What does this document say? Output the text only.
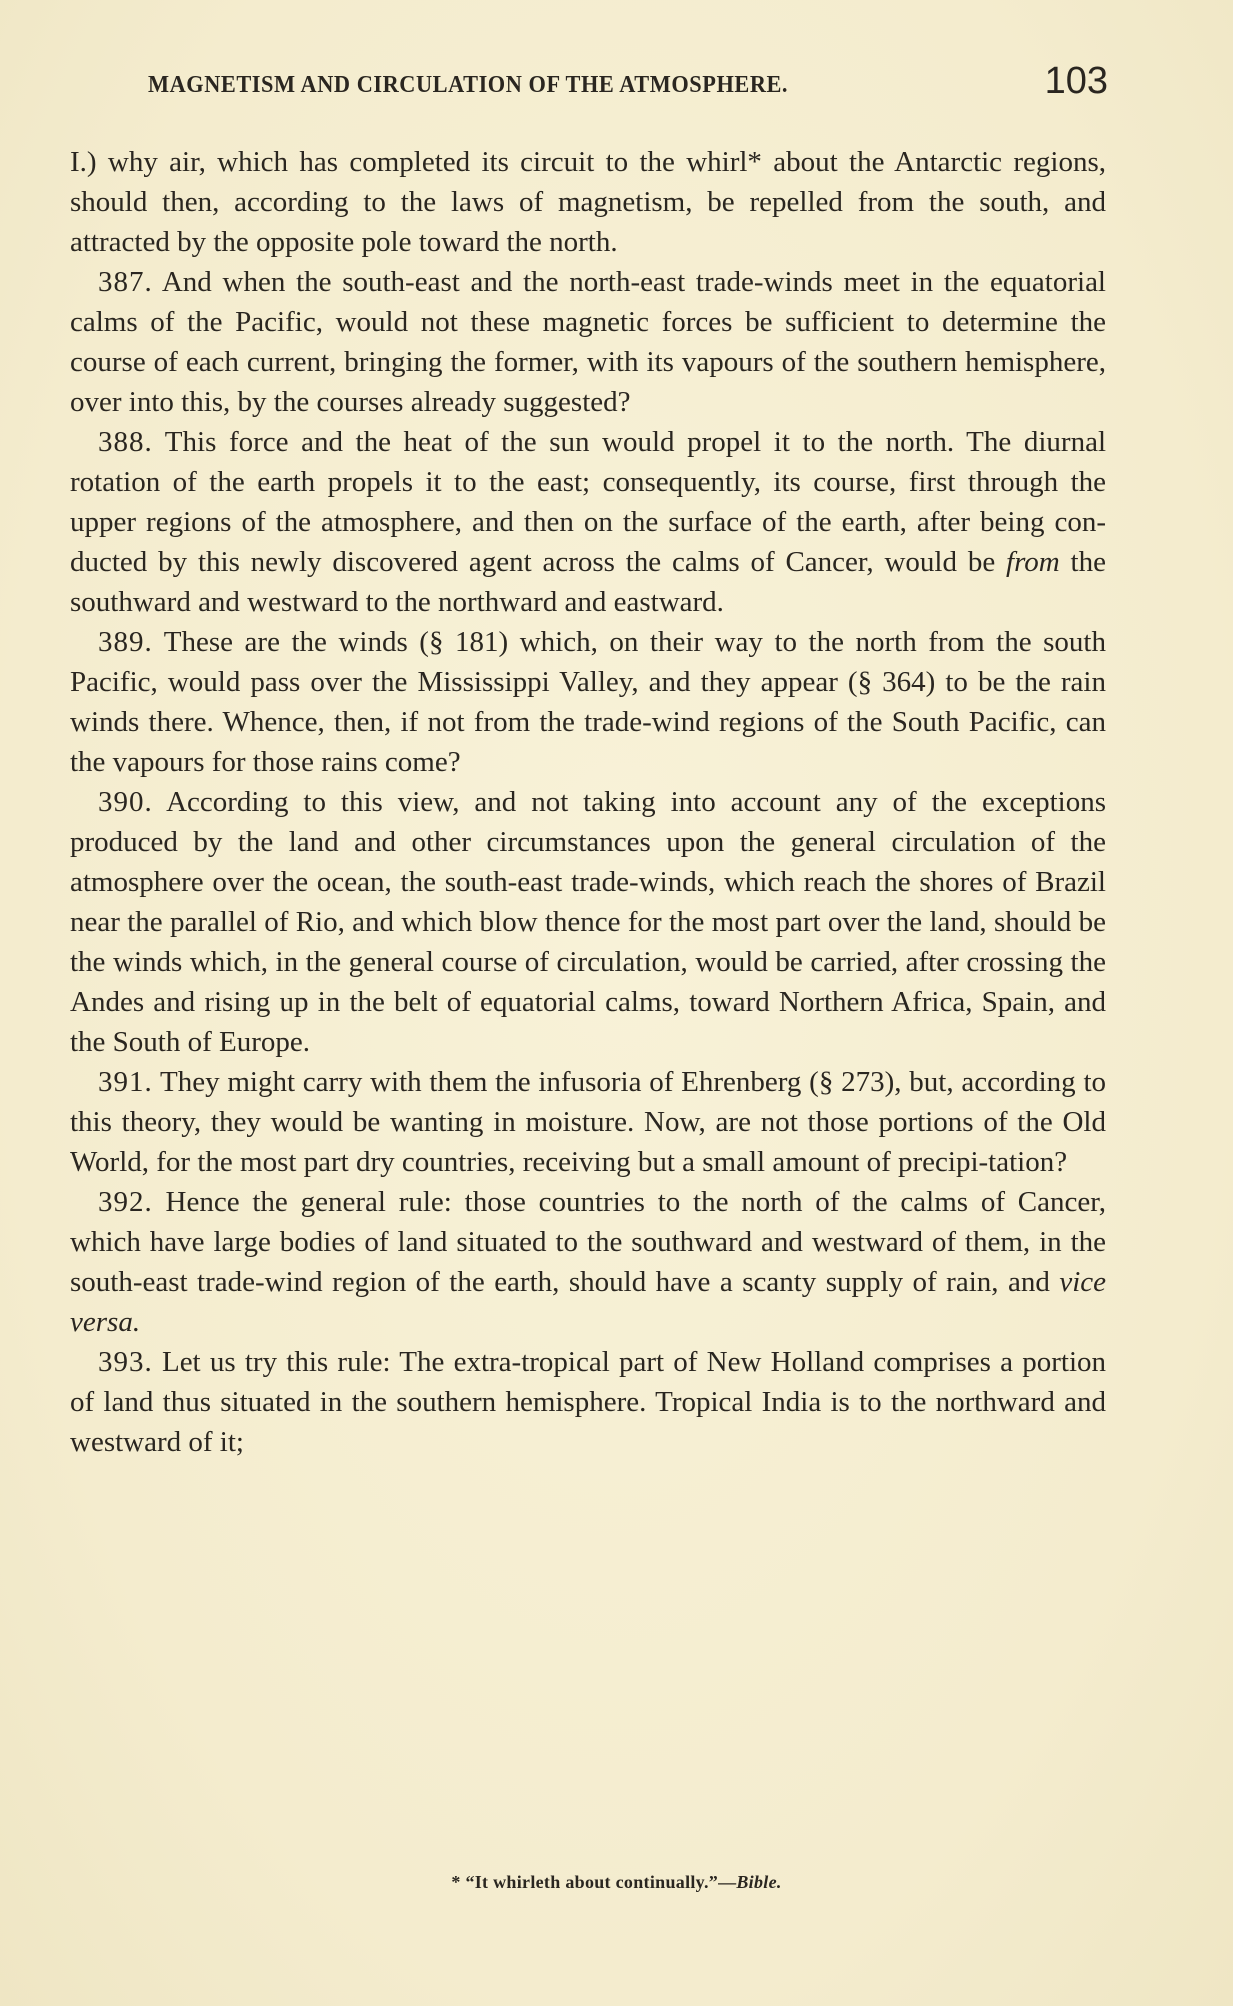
MAGNETISM AND CIRCULATION OF THE ATMOSPHERE.	103

I.) why air, which has completed its circuit to the whirl* about the Antarctic regions, should then, according to the laws of magnetism, be repelled from the south, and attracted by the opposite pole toward the north.

387. And when the south-east and the north-east trade-winds meet in the equatorial calms of the Pacific, would not these magnetic forces be sufficient to determine the course of each current, bringing the former, with its vapours of the southern hemisphere, over into this, by the courses already suggested?

388. This force and the heat of the sun would propel it to the north. The diurnal rotation of the earth propels it to the east; consequently, its course, first through the upper regions of the atmosphere, and then on the surface of the earth, after being con-ducted by this newly discovered agent across the calms of Cancer, would be from the southward and westward to the northward and eastward.

389. These are the winds (§ 181) which, on their way to the north from the south Pacific, would pass over the Mississippi Valley, and they appear (§ 364) to be the rain winds there. Whence, then, if not from the trade-wind regions of the South Pacific, can the vapours for those rains come?

390. According to this view, and not taking into account any of the exceptions produced by the land and other circumstances upon the general circulation of the atmosphere over the ocean, the south-east trade-winds, which reach the shores of Brazil near the parallel of Rio, and which blow thence for the most part over the land, should be the winds which, in the general course of circulation, would be carried, after crossing the Andes and rising up in the belt of equatorial calms, toward Northern Africa, Spain, and the South of Europe.

391. They might carry with them the infusoria of Ehrenberg (§ 273), but, according to this theory, they would be wanting in moisture. Now, are not those portions of the Old World, for the most part dry countries, receiving but a small amount of precipi-tation?

392. Hence the general rule: those countries to the north of the calms of Cancer, which have large bodies of land situated to the southward and westward of them, in the south-east trade-wind region of the earth, should have a scanty supply of rain, and vice versa.

393. Let us try this rule: The extra-tropical part of New Holland comprises a portion of land thus situated in the southern hemisphere. Tropical India is to the northward and westward of it;

* “It whirleth about continually.”—Bible.
